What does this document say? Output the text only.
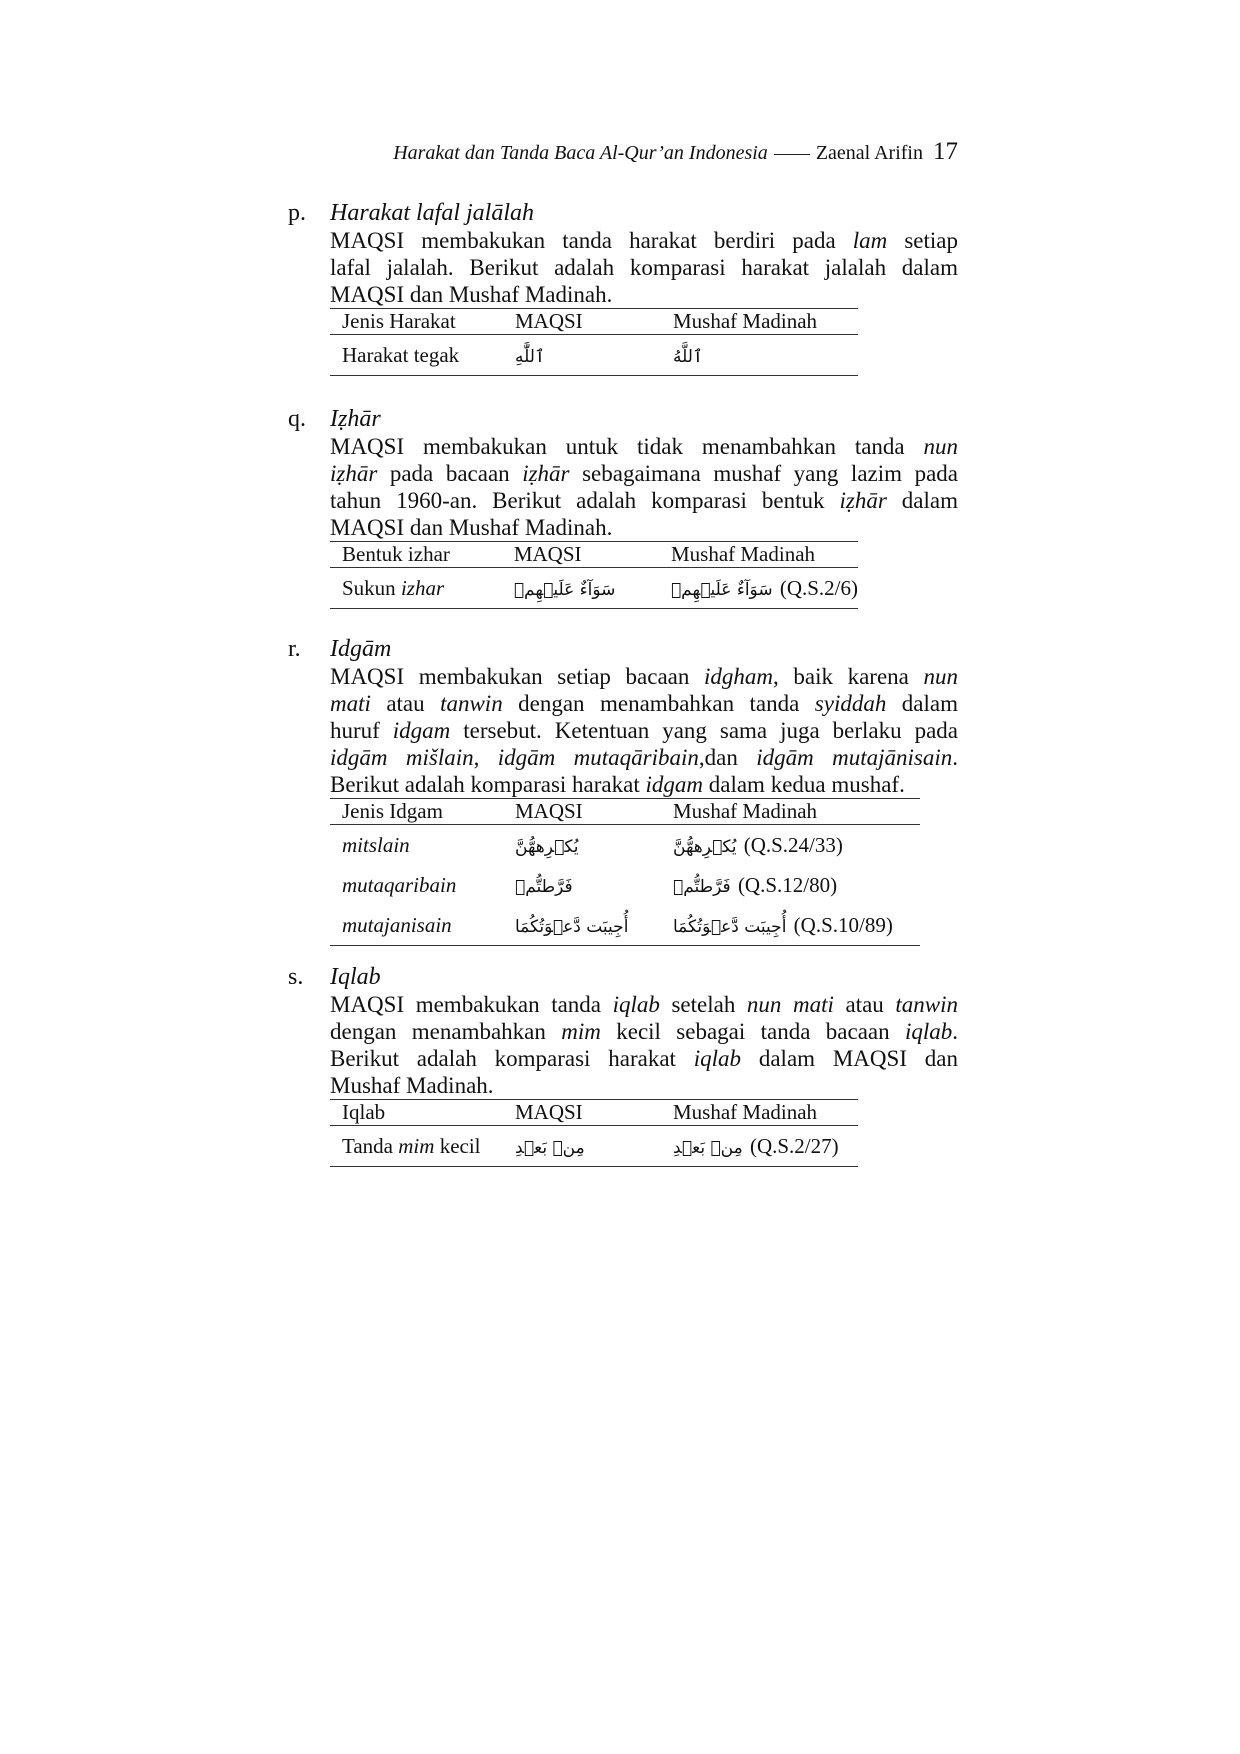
Harakat dan Tanda Baca Al-Qur’an Indonesia Zaenal Arifin 17
p.	Harakat lafal jalālah
MAQSI membakukan tanda harakat berdiri pada lam setiap
lafal jalalah. Berikut adalah komparasi harakat jalalah dalam
MAQSI dan Mushaf Madinah.
Jenis Harakat	MAQSI	Mushaf Madinah
Harakat tegak	ٱللَّٰهِ	ٱللَّهُ
q.	Iẓhār
MAQSI membakukan untuk tidak menambahkan tanda nun
iẓhār pada bacaan iẓhār sebagaimana mushaf yang lazim pada
tahun 1960-an. Berikut adalah komparasi bentuk iẓhār dalam
MAQSI dan Mushaf Madinah.
Bentuk izhar	MAQSI	Mushaf Madinah
Sukun izhar	سَوَآءٌ عَلَيۡهِمۡ	سَوَآءٌ عَلَيۡهِمۡ (Q.S.2/6)
r.	Idgām
MAQSI membakukan setiap bacaan idgham, baik karena nun
mati atau tanwin dengan menambahkan tanda syiddah dalam
huruf idgam tersebut. Ketentuan yang sama juga berlaku pada
idgām mišlain, idgām mutaqāribain,dan idgām mutajānisain.
Berikut adalah komparasi harakat idgam dalam kedua mushaf.
Jenis Idgam	MAQSI	Mushaf Madinah
mitslain	يُكۡرِههُّنَّ	يُكۡرِههُّنَّ (Q.S.24/33)
mutaqaribain	فَرَّطتُّمۡ	فَرَّطتُّمۡ (Q.S.12/80)
mutajanisain	أُجِيبَت دَّعۡوَتُكُمَا	أُجِيبَت دَّعۡوَتُكُمَا (Q.S.10/89)
s.	Iqlab
MAQSI membakukan tanda iqlab setelah nun mati atau tanwin
dengan menambahkan mim kecil sebagai tanda bacaan iqlab.
Berikut adalah komparasi harakat iqlab dalam MAQSI dan
Mushaf Madinah.
Iqlab	MAQSI	Mushaf Madinah
Tanda mim kecil	مِنۢ بَعۡدِ	مِنۢ بَعۡدِ (Q.S.2/27)
